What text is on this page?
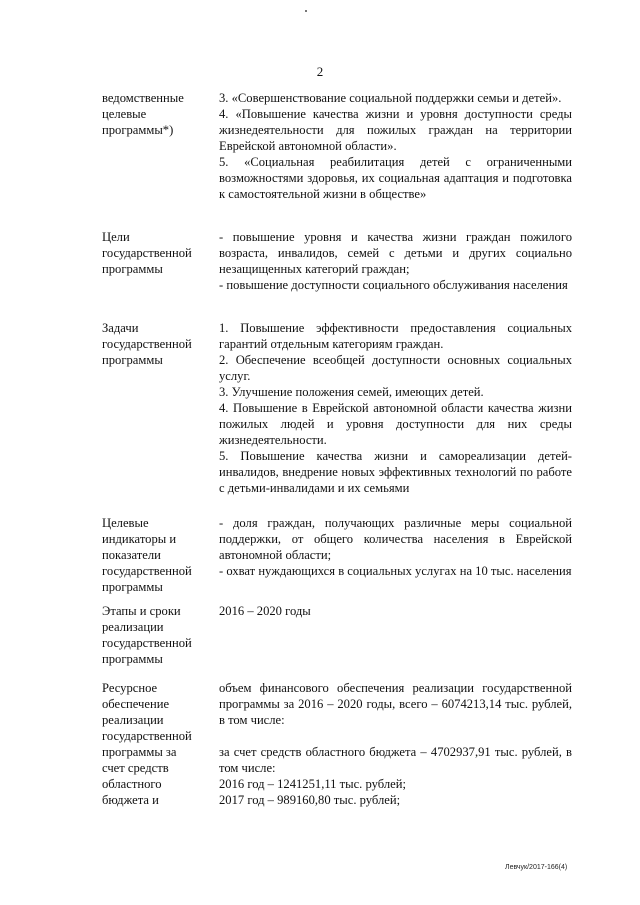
2
ведомственные
целевые
программы*)

3. «Совершенствование социальной поддержки семьи и детей».

4. «Повышение качества жизни и уровня доступности среды жизнедеятельности для пожилых граждан на территории Еврейской автономной области».

5. «Социальная реабилитация детей с ограниченными возможностями здоровья, их социальная адаптация и подготовка к самостоятельной жизни в обществе»

Цели
государственной
программы

- повышение уровня и качества жизни граждан пожилого возраста, инвалидов, семей с детьми и других социально незащищенных категорий граждан;

- повышение доступности социального обслуживания населения

Задачи
государственной
программы

1. Повышение эффективности предоставления социальных гарантий отдельным категориям граждан.

2. Обеспечение всеобщей доступности основных социальных услуг.

3. Улучшение положения семей, имеющих детей.

4. Повышение в Еврейской автономной области качества жизни пожилых людей и уровня доступности для них среды жизнедеятельности.

5. Повышение качества жизни и самореализации детей-инвалидов, внедрение новых эффективных технологий по работе с детьми-инвалидами и их семьями

Целевые
индикаторы и
показатели
государственной
программы

- доля граждан, получающих различные меры социальной поддержки, от общего количества населения в Еврейской автономной области;

- охват нуждающихся в социальных услугах на 10 тыс. населения

Этапы и сроки
реализации
государственной
программы

2016 – 2020 годы

Ресурсное
обеспечение
реализации
государственной
программы за
счет средств
областного
бюджета и

объем финансового обеспечения реализации государственной программы за 2016 – 2020 годы, всего – 6074213,14 тыс. рублей, в том числе:

за счет средств областного бюджета – 4702937,91 тыс. рублей, в том числе:

2016 год – 1241251,11 тыс. рублей;

2017 год – 989160,80 тыс. рублей;

Левчук/2017-166(4)
